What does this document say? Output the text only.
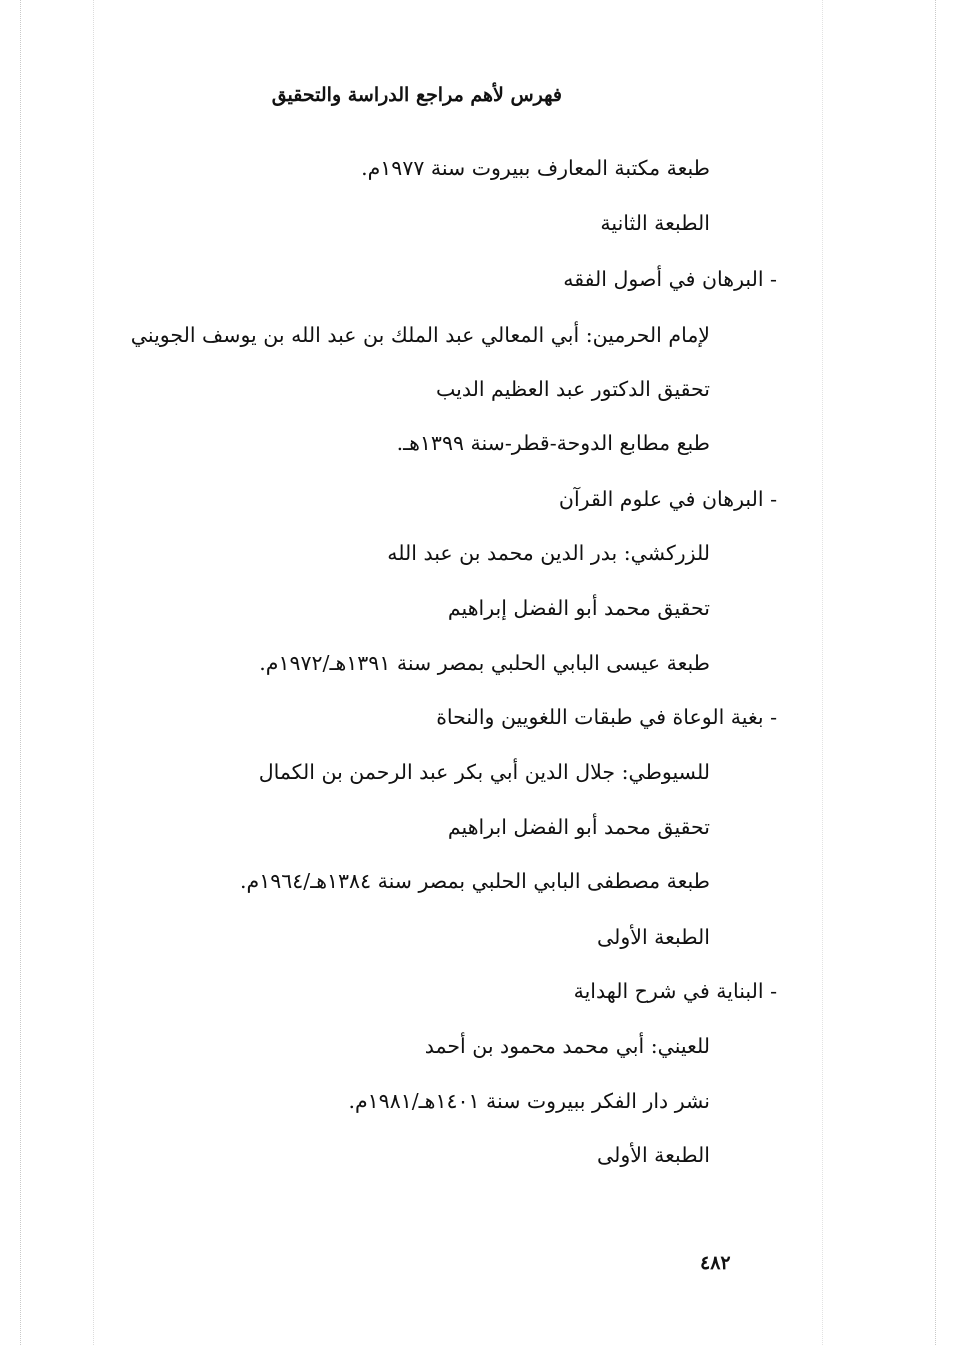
فهرس لأهم مراجع الدراسة والتحقيق
طبعة مكتبة المعارف ببيروت سنة ١٩٧٧م.
الطبعة الثانية
- البرهان في أصول الفقه
لإمام الحرمين: أبي المعالي عبد الملك بن عبد الله بن يوسف الجويني
تحقيق الدكتور عبد العظيم الديب
طبع مطابع الدوحة-قطر-سنة ١٣٩٩هـ.
- البرهان في علوم القرآن
للزركشي: بدر الدين محمد بن عبد الله
تحقيق محمد أبو الفضل إبراهيم
طبعة عيسى البابي الحلبي بمصر سنة ١٣٩١هـ/١٩٧٢م.
- بغية الوعاة في طبقات اللغويين والنحاة
للسيوطي: جلال الدين أبي بكر عبد الرحمن بن الكمال
تحقيق محمد أبو الفضل ابراهيم
طبعة مصطفى البابي الحلبي بمصر سنة ١٣٨٤هـ/١٩٦٤م.
الطبعة الأولى
- البناية في شرح الهداية
للعيني: أبي محمد محمود بن أحمد
نشر دار الفكر ببيروت سنة ١٤٠١هـ/١٩٨١م.
الطبعة الأولى
٤٨٢
